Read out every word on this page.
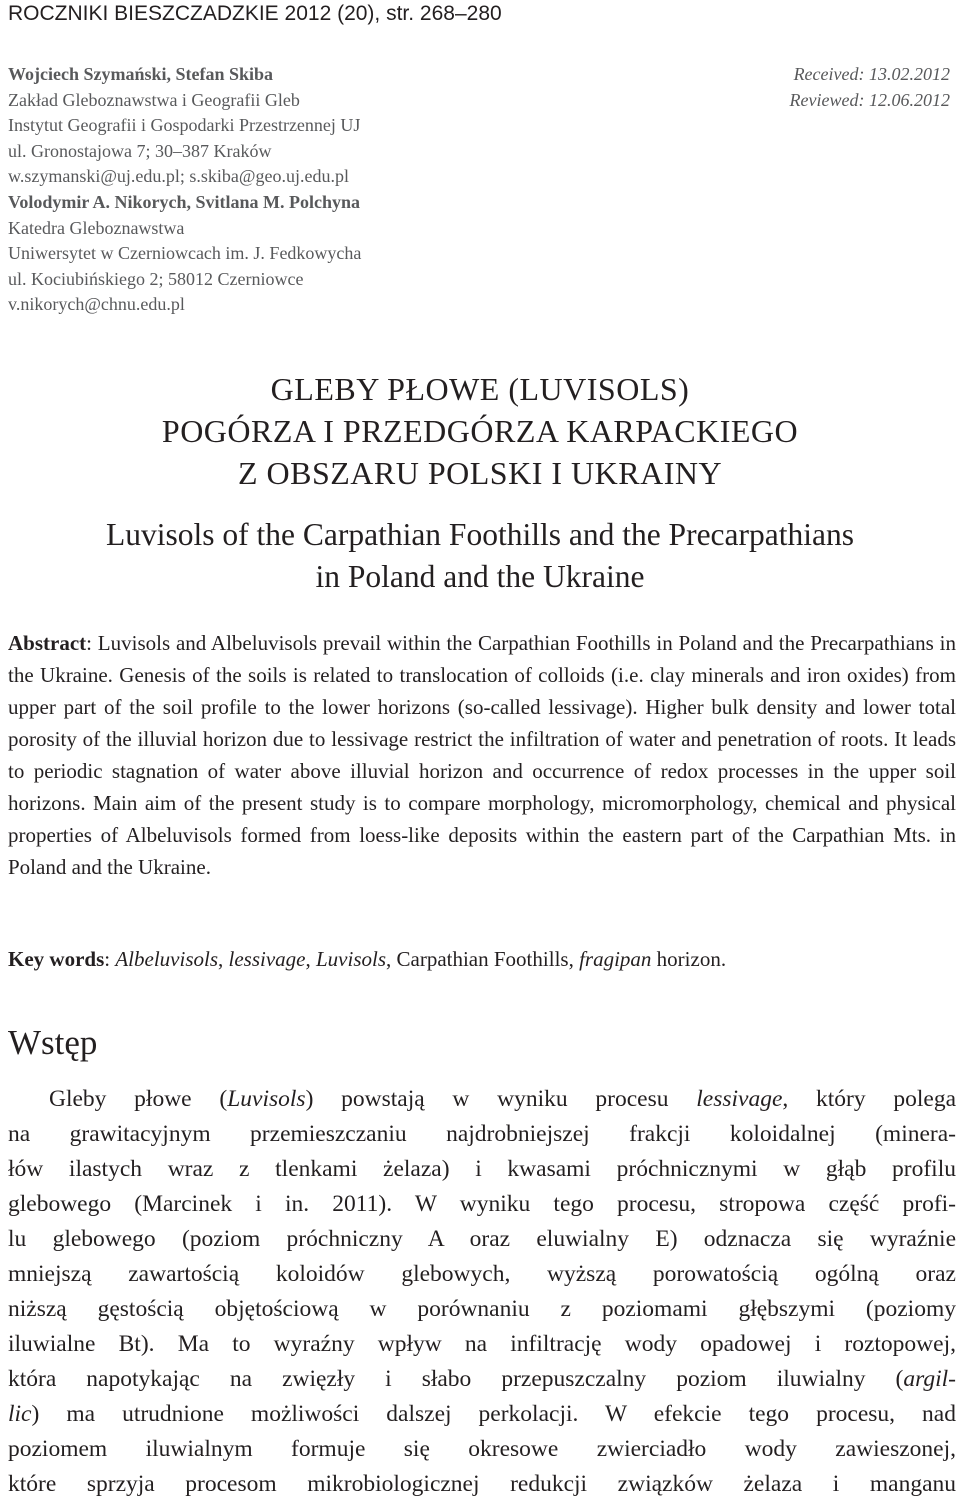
ROCZNIKI BIESZCZADZKIE 2012 (20), str. 268–280
Wojciech Szymański, Stefan Skiba
Zakład Gleboznawstwa i Geografii Gleb
Instytut Geografii i Gospodarki Przestrzennej UJ
ul. Gronostajowa 7; 30–387 Kraków
w.szymanski@uj.edu.pl; s.skiba@geo.uj.edu.pl
Volodymir A. Nikorych, Svitlana M. Polchyna
Katedra Gleboznawstwa
Uniwersytet w Czerniowcach im. J. Fedkowycha
ul. Kociubińskiego 2; 58012 Czerniowce
v.nikorych@chnu.edu.pl
Received: 13.02.2012
Reviewed: 12.06.2012
GLEBY PŁOWE (LUVISOLS)
POGÓRZA I PRZEDGÓRZA KARPACKIEGO
Z OBSZARU POLSKI I UKRAINY
Luvisols of the Carpathian Foothills and the Precarpathians
in Poland and the Ukraine
Abstract: Luvisols and Albeluvisols prevail within the Carpathian Foothills in Poland and the Precarpathians in the Ukraine. Genesis of the soils is related to translocation of colloids (i.e. clay minerals and iron oxides) from upper part of the soil profile to the lower horizons (so-called lessivage). Higher bulk density and lower total porosity of the illuvial horizon due to lessivage restrict the infiltration of water and penetration of roots. It leads to periodic stagnation of water above illuvial horizon and occurrence of redox processes in the upper soil horizons. Main aim of the present study is to compare morphology, micromorphology, chemical and physical properties of Albeluvisols formed from loess-like deposits within the eastern part of the Carpathian Mts. in Poland and the Ukraine.
Key words: Albeluvisols, lessivage, Luvisols, Carpathian Foothills, fragipan horizon.
Wstęp
Gleby płowe (Luvisols) powstają w wyniku procesu lessivage, który polega
na grawitacyjnym przemieszczaniu najdrobniejszej frakcji koloidalnej (minera-
łów ilastych wraz z tlenkami żelaza) i kwasami próchnicznymi w głąb profilu
glebowego (Marcinek i in. 2011). W wyniku tego procesu, stropowa część profi-
lu glebowego (poziom próchniczny A oraz eluwialny E) odznacza się wyraźnie
mniejszą zawartością koloidów glebowych, wyższą porowatością ogólną oraz
niższą gęstością objętościową w porównaniu z poziomami głębszymi (poziomy
iluwialne Bt). Ma to wyraźny wpływ na infiltrację wody opadowej i roztopowej,
która napotykając na zwięzły i słabo przepuszczalny poziom iluwialny (argil-
lic) ma utrudnione możliwości dalszej perkolacji. W efekcie tego procesu, nad
poziomem iluwialnym formuje się okresowe zwierciadło wody zawieszonej,
które sprzyja procesom mikrobiologicznej redukcji związków żelaza i manganu
